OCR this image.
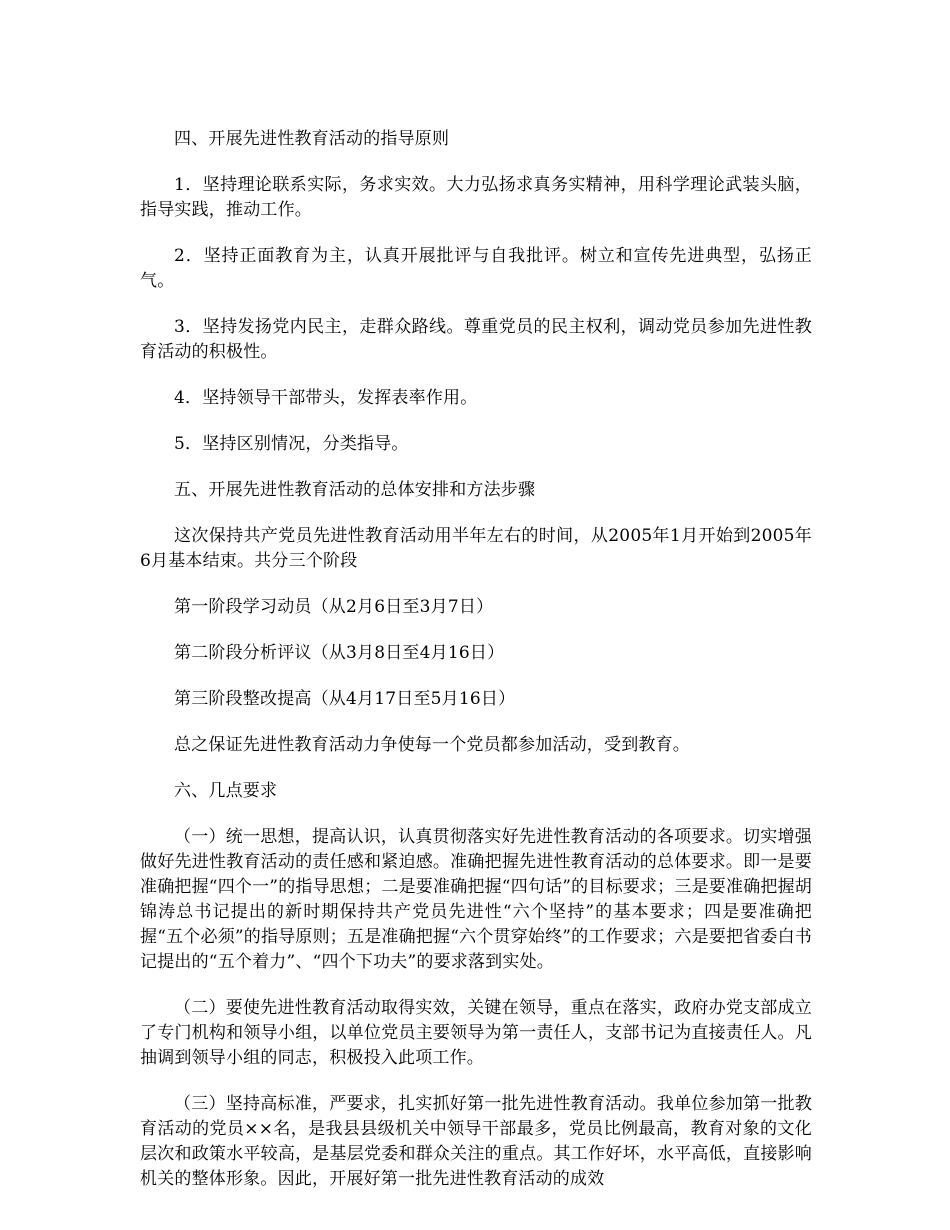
四、开展先进性教育活动的指导原则

1．坚持理论联系实际，务求实效。大力弘扬求真务实精神，用科学理论武装头脑，指导实践，推动工作。

2．坚持正面教育为主，认真开展批评与自我批评。树立和宣传先进典型，弘扬正气。

3．坚持发扬党内民主，走群众路线。尊重党员的民主权利，调动党员参加先进性教育活动的积极性。

4．坚持领导干部带头，发挥表率作用。

5．坚持区别情况，分类指导。

五、开展先进性教育活动的总体安排和方法步骤

这次保持共产党员先进性教育活动用半年左右的时间，从2005年1月开始到2005年6月基本结束。共分三个阶段

第一阶段学习动员（从2月6日至3月7日）

第二阶段分析评议（从3月8日至4月16日）

第三阶段整改提高（从4月17日至5月16日）

总之保证先进性教育活动力争使每一个党员都参加活动，受到教育。

六、几点要求

（一）统一思想，提高认识，认真贯彻落实好先进性教育活动的各项要求。切实增强做好先进性教育活动的责任感和紧迫感。准确把握先进性教育活动的总体要求。即一是要准确把握“四个一”的指导思想；二是要准确把握“四句话”的目标要求；三是要准确把握胡锦涛总书记提出的新时期保持共产党员先进性“六个坚持”的基本要求；四是要准确把握“五个必须”的指导原则；五是准确把握“六个贯穿始终”的工作要求；六是要把省委白书记提出的“五个着力”、“四个下功夫”的要求落到实处。

（二）要使先进性教育活动取得实效，关键在领导，重点在落实，政府办党支部成立了专门机构和领导小组，以单位党员主要领导为第一责任人，支部书记为直接责任人。凡抽调到领导小组的同志，积极投入此项工作。

（三）坚持高标准，严要求，扎实抓好第一批先进性教育活动。我单位参加第一批教育活动的党员××名，是我县县级机关中领导干部最多，党员比例最高，教育对象的文化层次和政策水平较高，是基层党委和群众关注的重点。其工作好坏，水平高低，直接影响机关的整体形象。因此，开展好第一批先进性教育活动的成效
